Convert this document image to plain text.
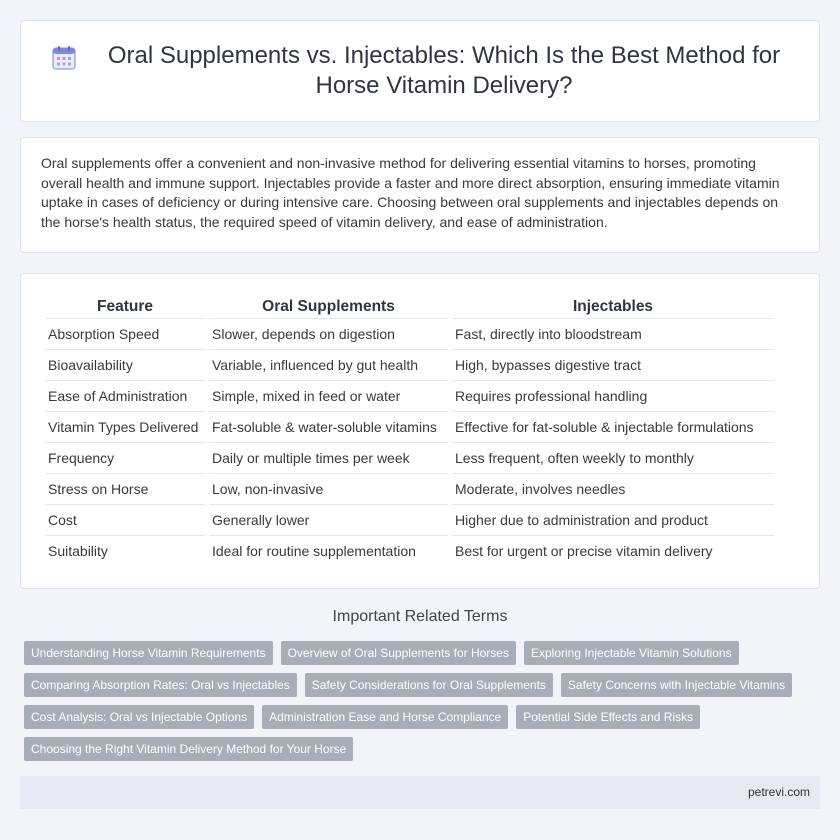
Oral Supplements vs. Injectables: Which Is the Best Method for Horse Vitamin Delivery?

Oral supplements offer a convenient and non-invasive method for delivering essential vitamins to horses, promoting overall health and immune support. Injectables provide a faster and more direct absorption, ensuring immediate vitamin uptake in cases of deficiency or during intensive care. Choosing between oral supplements and injectables depends on the horse's health status, the required speed of vitamin delivery, and ease of administration.

Feature	Oral Supplements	Injectables
Absorption Speed	Slower, depends on digestion	Fast, directly into bloodstream
Bioavailability	Variable, influenced by gut health	High, bypasses digestive tract
Ease of Administration	Simple, mixed in feed or water	Requires professional handling
Vitamin Types Delivered	Fat-soluble & water-soluble vitamins	Effective for fat-soluble & injectable formulations
Frequency	Daily or multiple times per week	Less frequent, often weekly to monthly
Stress on Horse	Low, non-invasive	Moderate, involves needles
Cost	Generally lower	Higher due to administration and product
Suitability	Ideal for routine supplementation	Best for urgent or precise vitamin delivery
Important Related Terms
Understanding Horse Vitamin Requirements	Overview of Oral Supplements for Horses	Exploring Injectable Vitamin Solutions
Comparing Absorption Rates: Oral vs Injectables	Safety Considerations for Oral Supplements	Safety Concerns with Injectable Vitamins
Cost Analysis: Oral vs Injectable Options	Administration Ease and Horse Compliance	Potential Side Effects and Risks
Choosing the Right Vitamin Delivery Method for Your Horse
petrevi.com
